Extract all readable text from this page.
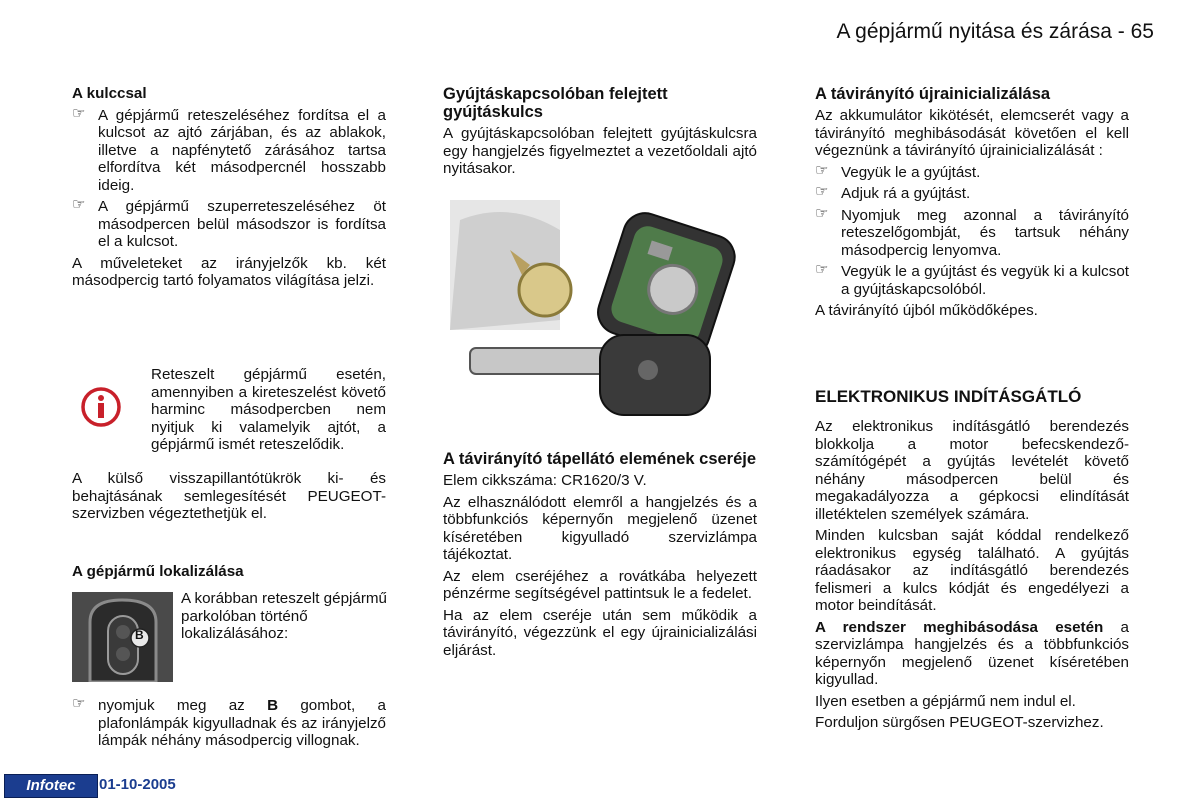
A gépjármű nyitása és zárása - 65
A kulccsal
☞ A gépjármű reteszeléséhez fordítsa el a kulcsot az ajtó zárjában, és az ablakok, illetve a napfénytető zárásához tartsa elfordítva két másodpercnél hosszabb ideig.
☞ A gépjármű szuperreteszeléséhez öt másodpercen belül másodszor is fordítsa el a kulcsot.

A műveleteket az irányjelzők kb. két másodpercig tartó folyamatos világítása jelzi.

Reteszelt gépjármű esetén, amennyiben a kireteszelést követő harminc másodpercben nem nyitjuk ki valamelyik ajtót, a gépjármű ismét reteszelődik.

A külső visszapillantótükrök ki- és behajtásának semlegesítését PEUGEOT-szervizben végeztethetjük el.

A gépjármű lokalizálása
B

A korábban reteszelt gépjármű parkolóban történő lokalizálásához:

☞ nyomjuk meg az B gombot, a plafonlámpák kigyulladnak és az irányjelző lámpák néhány másodpercig villognak.
Gyújtáskapcsolóban felejtett gyújtáskulcs

A gyújtáskapcsolóban felejtett gyújtáskulcsra egy hangjelzés figyelmeztet a vezetőoldali ajtó nyitásakor.

A távirányító tápellátó elemének cseréje

Elem cikkszáma: CR1620/3 V.

Az elhasználódott elemről a hangjelzés és a többfunkciós képernyőn megjelenő üzenet kíséretében kigyulladó szervizlámpa tájékoztat.

Az elem cseréjéhez a rovátkába helyezett pénzérme segítségével pattintsuk le a fedelet.

Ha az elem cseréje után sem működik a távirányító, végezzünk el egy újrainicializálási eljárást.

A távirányító újrainicializálása

Az akkumulátor kikötését, elemcserét vagy a távirányító meghibásodását követően el kell végeznünk a távirányító újrainicializálását :

☞ Vegyük le a gyújtást.
☞ Adjuk rá a gyújtást.
☞ Nyomjuk meg azonnal a távirányító reteszelőgombját, és tartsuk néhány másodpercig lenyomva.
☞ Vegyük le a gyújtást és vegyük ki a kulcsot a gyújtáskapcsolóból.

A távirányító újból működőképes.

ELEKTRONIKUS INDÍTÁSGÁTLÓ

Az elektronikus indításgátló berendezés blokkolja a motor befecskendező-számítógépét a gyújtás levételét követő néhány másodpercen belül és megakadályozza a gépkocsi elindítását illetéktelen személyek számára.

Minden kulcsban saját kóddal rendelkező elektronikus egység található. A gyújtás ráadásakor az indításgátló berendezés felismeri a kulcs kódját és engedélyezi a motor beindítását.

A rendszer meghibásodása esetén a szervizlámpa hangjelzés és a többfunkciós képernyőn megjelenő üzenet kíséretében kigyullad.

Ilyen esetben a gépjármű nem indul el.

Forduljon sürgősen PEUGEOT-szervizhez.

Infotec	01-10-2005
